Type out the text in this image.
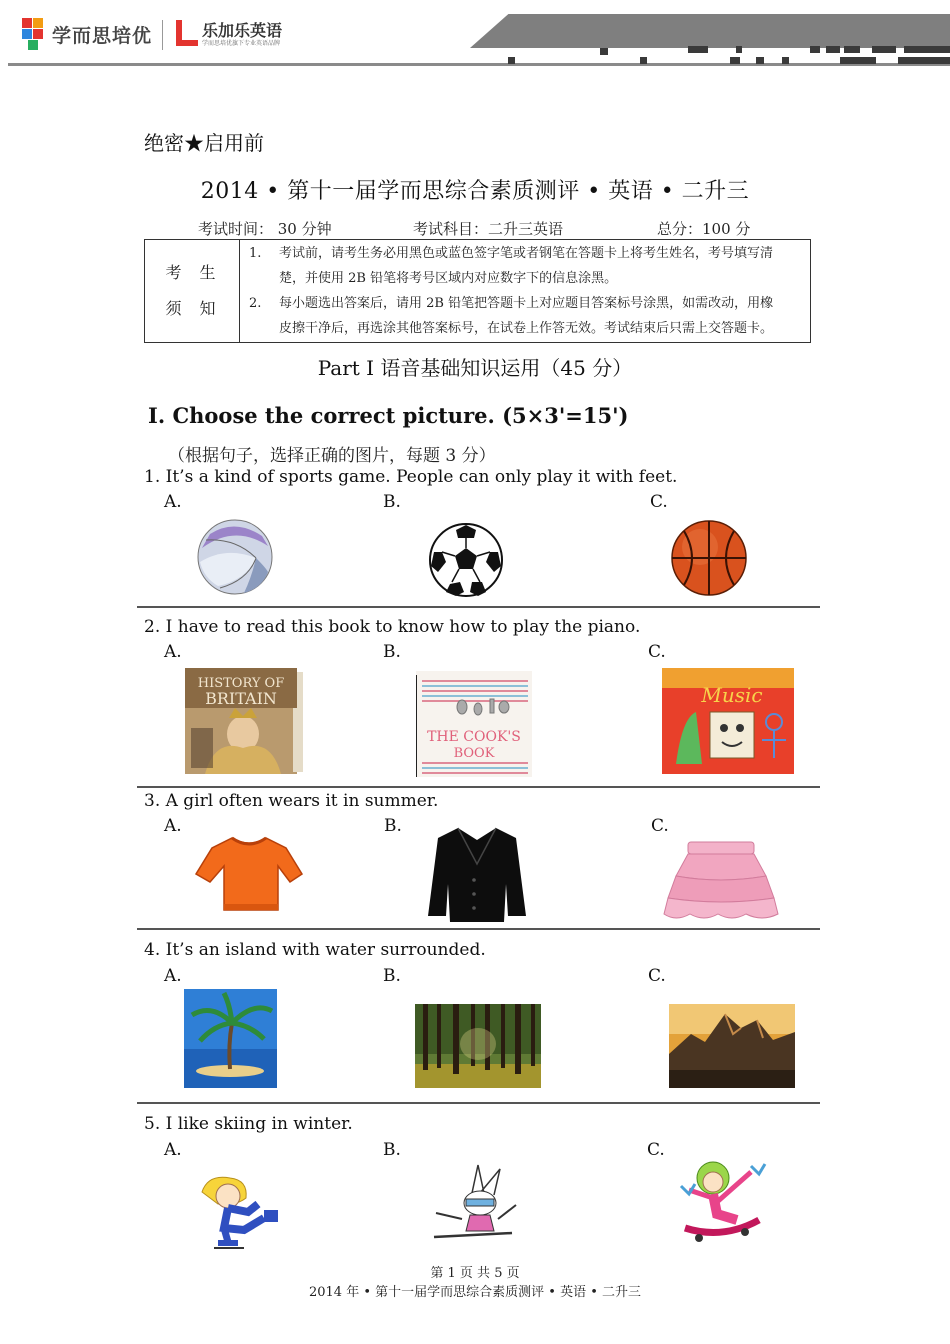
学而思培优	乐加乐英语
学而思培优旗下专业英语品牌
绝密★启用前
2014 • 第十一届学而思综合素质测评 • 英语 • 二升三
考试时间： 30 分钟	考试科目：二升三英语	总分：100 分
考生
须知

1.	考试前，请考生务必用黑色或蓝色签字笔或者钢笔在答题卡上将考生姓名，考号填写清
楚，并使用 2B 铅笔将考号区域内对应数字下的信息涂黑。
2.	每小题选出答案后，请用 2B 铅笔把答题卡上对应题目答案标号涂黑，如需改动，用橡
皮擦干净后，再选涂其他答案标号，在试卷上作答无效。考试结束后只需上交答题卡。
Part Ⅰ 语音基础知识运用（45 分）
Ⅰ. Choose the correct picture. (5×3'=15')
（根据句子，选择正确的图片，每题 3 分）
1. It’s a kind of sports game. People can only play it with feet.
A.	B.	C.
2. I have to read this book to know how to play the piano.
A.	B.	C.
HISTORY OF
BRITAIN
THE COOK'S
BOOK
Music
3. A girl often wears it in summer.
A.	B.	C.
4. It’s an island with water surrounded.
A.	B.	C.
5. I like skiing in winter.
A.	B.	C.
第 1 页 共 5 页
2014 年 • 第十一届学而思综合素质测评 • 英语 • 二升三
